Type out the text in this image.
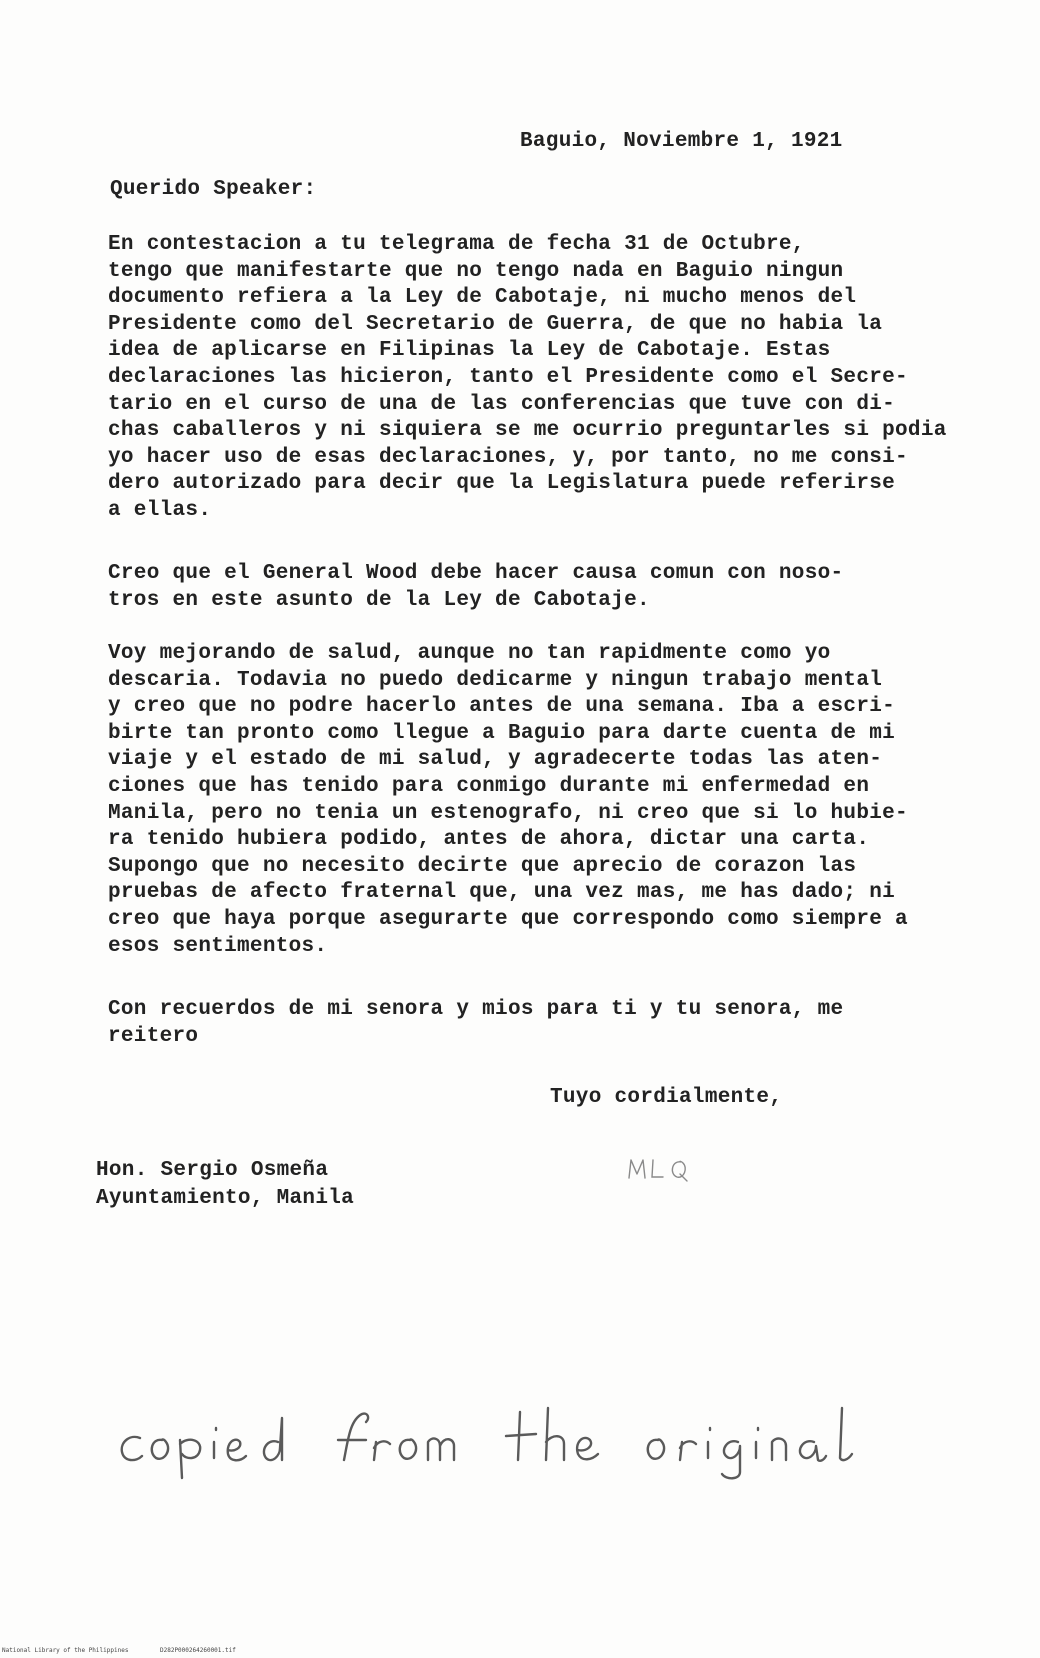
Baguio, Noviembre 1, 1921
Querido Speaker:
En contestacion a tu telegrama de fecha 31 de Octubre,
tengo que manifestarte que no tengo nada en Baguio ningun
documento refiera a la Ley de Cabotaje, ni mucho menos del
Presidente como del Secretario de Guerra, de que no habia la
idea de aplicarse en Filipinas la Ley de Cabotaje. Estas
declaraciones las hicieron, tanto el Presidente como el Secre-
tario en el curso de una de las conferencias que tuve con di-
chas caballeros y ni siquiera se me ocurrio preguntarles si podia
yo hacer uso de esas declaraciones, y, por tanto, no me consi-
dero autorizado para decir que la Legislatura puede referirse
a ellas.
Creo que el General Wood debe hacer causa comun con noso-
tros en este asunto de la Ley de Cabotaje.
Voy mejorando de salud, aunque no tan rapidmente como yo
descaria. Todavia no puedo dedicarme y ningun trabajo mental
y creo que no podre hacerlo antes de una semana. Iba a escri-
birte tan pronto como llegue a Baguio para darte cuenta de mi
viaje y el estado de mi salud, y agradecerte todas las aten-
ciones que has tenido para conmigo durante mi enfermedad en
Manila, pero no tenia un estenografo, ni creo que si lo hubie-
ra tenido hubiera podido, antes de ahora, dictar una carta.
Supongo que no necesito decirte que aprecio de corazon las
pruebas de afecto fraternal que, una vez mas, me has dado; ni
creo que haya porque asegurarte que correspondo como siempre a
esos sentimentos.
Con recuerdos de mi senora y mios para ti y tu senora, me
reitero
Tuyo cordialmente,
Hon. Sergio Osmeña
Ayuntamiento, Manila
National Library of the Philippines	D282P000264260001.tif
